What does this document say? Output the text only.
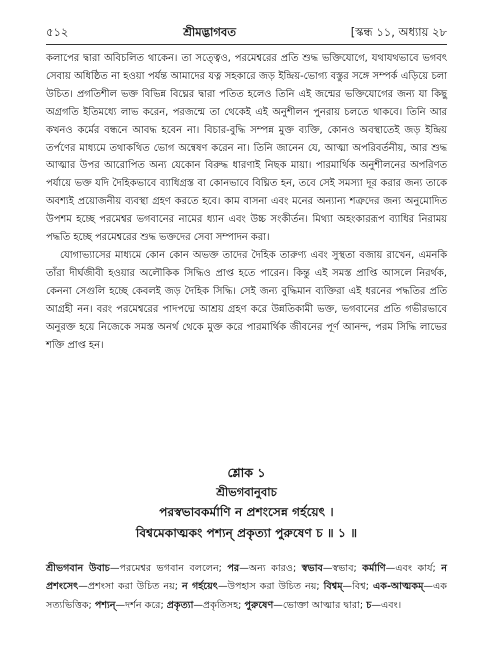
৫১২	শ্রীমদ্ভাগবত	[স্কন্ধ ১১, অধ্যায় ২৮

কলাপের দ্বারা অবিচলিত থাকেন। তা সত্ত্বেও, পরমেশ্বরের প্রতি শুদ্ধ ভক্তিযোগে, যথাযথভাবে ভগবৎ সেবায় অধিষ্ঠিত না হওয়া পর্যন্ত আমাদের যত্ন সহকারে জড় ইন্দ্রিয়-ভোগ্য বস্তুর সঙ্গে সম্পর্ক এড়িয়ে চলা উচিত। প্রগতিশীল ভক্ত বিভিন্ন বিঘ্নের দ্বারা পতিত হলেও তিনি এই জন্মের ভক্তিযোগের জন্য যা কিছু অগ্রগতি ইতিমধ্যে লাভ করেন, পরজন্মে তা থেকেই এই অনুশীলন পুনরায় চলতে থাকবে। তিনি আর কখনও কর্মের বন্ধনে আবদ্ধ হবেন না। বিচার-বুদ্ধি সম্পন্ন মুক্ত ব্যক্তি, কোনও অবস্থাতেই জড় ইন্দ্রিয় তর্পণের মাধ্যমে তথাকথিত ভোগ অন্বেষণ করেন না। তিনি জানেন যে, আত্মা অপরিবর্তনীয়, আর শুদ্ধ আত্মার উপর আরোপিত অন্য যেকোন বিরুদ্ধ ধারণাই নিছক মায়া। পারমার্থিক অনুশীলনের অপরিণত পর্যায়ে ভক্ত যদি দৈহিকভাবে ব্যাধিগ্রস্ত বা কোনভাবে বিঘ্নিত হন, তবে সেই সমস্যা দূর করার জন্য তাকে অবশ্যই প্রয়োজনীয় ব্যবস্থা গ্রহণ করতে হবে। কাম বাসনা এবং মনের অন্যান্য শত্রুদের জন্য অনুমোদিত উপশম হচ্ছে পরমেশ্বর ভগবানের নামের ধ্যান এবং উচ্চ সংকীর্তন। মিথ্যা অহংকাররূপ ব্যাধির নিরাময় পদ্ধতি হচ্ছে পরমেশ্বরের শুদ্ধ ভক্তদের সেবা সম্পাদন করা।

যোগাভ্যাসের মাধ্যমে কোন কোন অভক্ত তাদের দৈহিক তারুণ্য এবং সুস্থতা বজায় রাখেন, এমনকি তাঁরা দীর্ঘজীবী হওয়ার অলৌকিক সিদ্ধিও প্রাপ্ত হতে পারেন। কিন্তু এই সমস্ত প্রাপ্তি আসলে নিরর্থক, কেননা সেগুলি হচ্ছে কেবলই জড় দৈহিক সিদ্ধি। সেই জন্য বুদ্ধিমান ব্যক্তিরা এই ধরনের পদ্ধতির প্রতি আগ্রহী নন। বরং পরমেশ্বরের পাদপদ্মে আশ্রয় গ্রহণ করে উন্নতিকামী ভক্ত, ভগবানের প্রতি গভীরভাবে অনুরক্ত হয়ে নিজেকে সমস্ত অনর্থ থেকে মুক্ত করে পারমার্থিক জীবনের পূর্ণ আনন্দ, পরম সিদ্ধি লাভের শক্তি প্রাপ্ত হন।

শ্লোক ১
শ্রীভগবানুবাচ
পরস্বভাবকর্মাণি ন প্রশংসেন্ন গর্হয়েৎ ।
বিশ্বমেকাত্মকং পশ্যন্ প্রকৃত্যা পুরুষেণ চ ॥ ১ ॥
শ্রীভগবান উবাচ—পরমেশ্বর ভগবান বললেন; পর—অন্য কারও; স্বভাব—স্বভাব; কর্মাণি—এবং কার্য; ন প্রশংসেৎ—প্রশংসা করা উচিত নয়; ন গর্হয়েৎ—উপহাস করা উচিত নয়; বিশ্বম্—বিশ্ব; এক-আত্মকম্—এক সত্যভিত্তিক; পশ্যন্—দর্শন করে; প্রকৃত্যা—প্রকৃতিসহ; পুরুষেণ—ভোক্তা আত্মার দ্বারা; চ—এবং।
